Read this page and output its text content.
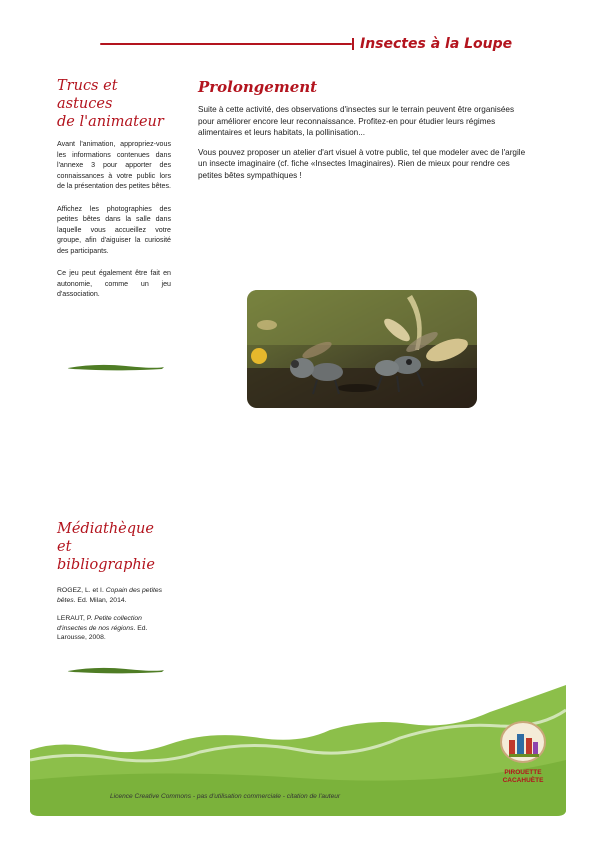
Insectes à la Loupe
Trucs et astuces
de l'animateur

Avant l'animation, appropriez-vous les informations contenues dans l'annexe 3 pour apporter des connaissances à votre public lors de la présentation des petites bêtes.

Affichez les photographies des petites bêtes dans la salle dans laquelle vous accueillez votre groupe, afin d'aiguiser la curiosité des participants.

Ce jeu peut également être fait en autonomie, comme un jeu d'association.

Médiathèque et
bibliographie

ROGEZ, L. et I. Copain des petites bêtes. Ed. Milan, 2014.

LERAUT, P. Petite collection d'insectes de nos régions. Ed. Larousse, 2008.

Prolongement

Suite à cette activité, des observations d'insectes sur le terrain peuvent être organisées pour améliorer encore leur reconnaissance. Profitez-en pour étudier leurs régimes alimentaires et leurs habitats, la pollinisation...

Vous pouvez proposer un atelier d'art visuel à votre public, tel que modeler avec de l'argile un insecte imaginaire (cf. fiche «Insectes Imaginaires). Rien de mieux pour rendre ces petites bêtes sympathiques !

Licence Creative Commons - pas d'utilisation commerciale - citation de l'auteur
PIROUETTE
CACAHUÈTE
